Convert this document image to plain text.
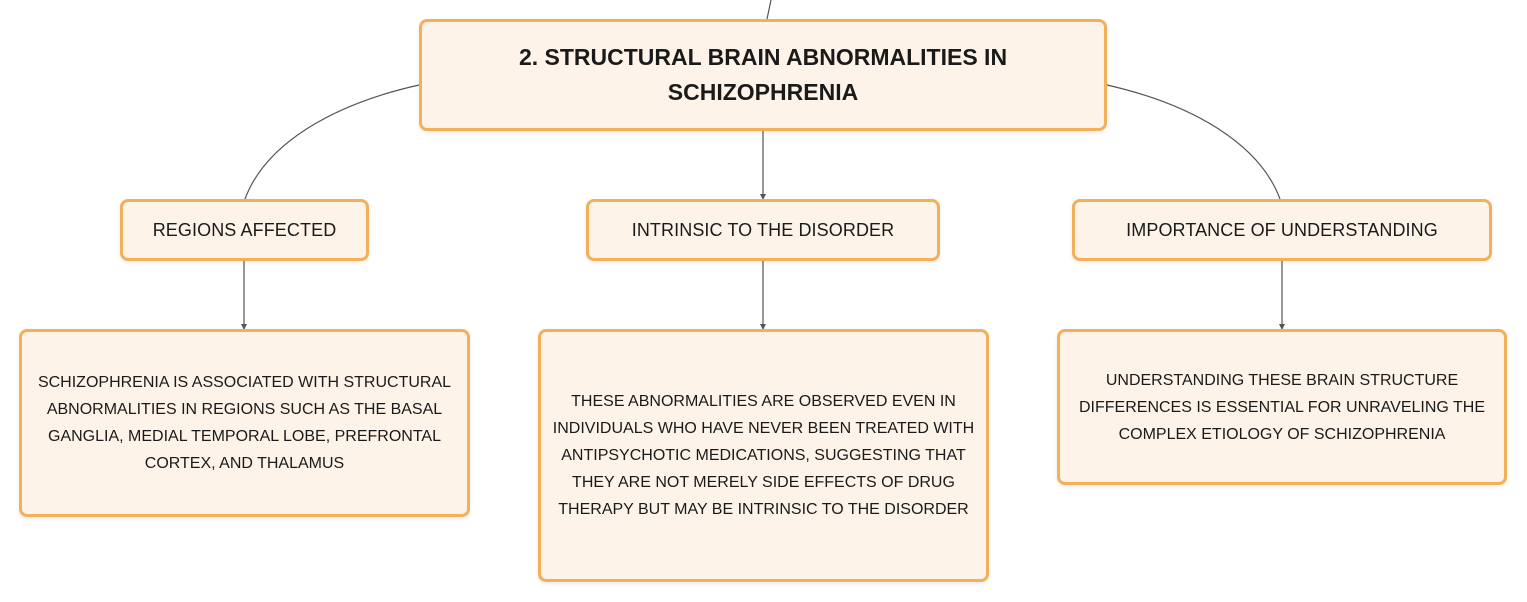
2. STRUCTURAL BRAIN ABNORMALITIES IN SCHIZOPHRENIA
REGIONS AFFECTED	INTRINSIC TO THE DISORDER	IMPORTANCE OF UNDERSTANDING
SCHIZOPHRENIA IS ASSOCIATED WITH STRUCTURAL ABNORMALITIES IN REGIONS SUCH AS THE BASAL GANGLIA, MEDIAL TEMPORAL LOBE, PREFRONTAL CORTEX, AND THALAMUS
THESE ABNORMALITIES ARE OBSERVED EVEN IN INDIVIDUALS WHO HAVE NEVER BEEN TREATED WITH ANTIPSYCHOTIC MEDICATIONS, SUGGESTING THAT THEY ARE NOT MERELY SIDE EFFECTS OF DRUG THERAPY BUT MAY BE INTRINSIC TO THE DISORDER
UNDERSTANDING THESE BRAIN STRUCTURE DIFFERENCES IS ESSENTIAL FOR UNRAVELING THE COMPLEX ETIOLOGY OF SCHIZOPHRENIA
